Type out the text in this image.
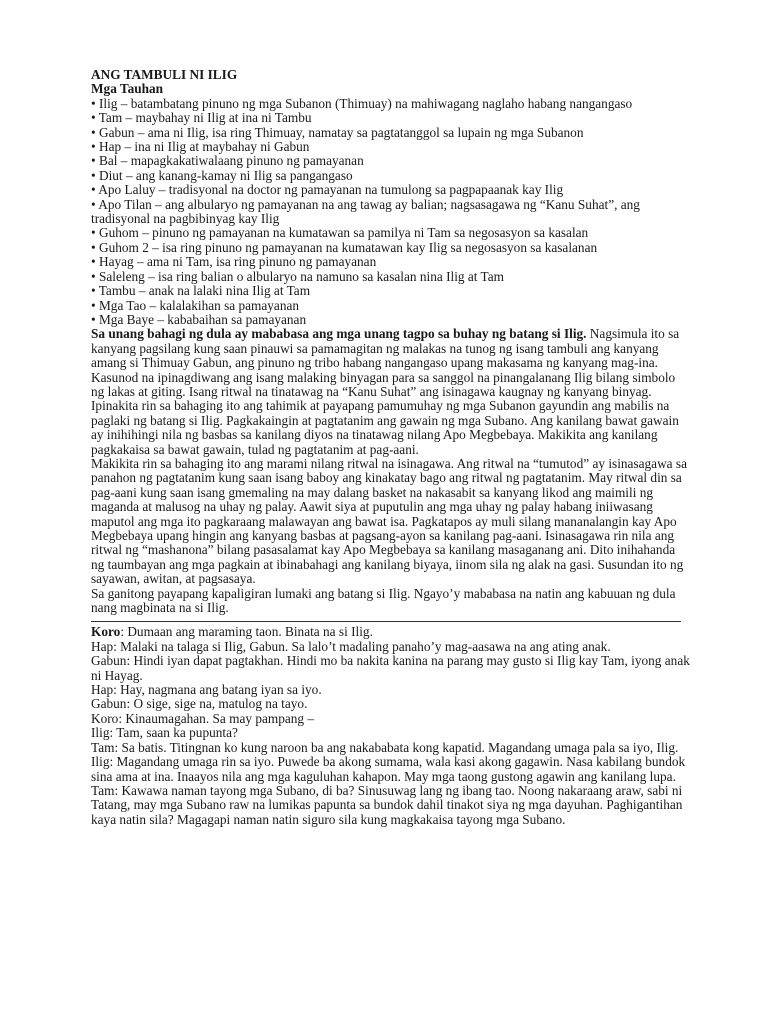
ANG TAMBULI NI ILIG

Mga Tauhan

• Ilig – batambatang pinuno ng mga Subanon (Thimuay) na mahiwagang naglaho habang nangangaso

• Tam – maybahay ni Ilig at ina ni Tambu

• Gabun – ama ni Ilig, isa ring Thimuay, namatay sa pagtatanggol sa lupain ng mga Subanon

• Hap – ina ni Ilig at maybahay ni Gabun

• Bal – mapagkakatiwalaang pinuno ng pamayanan

• Diut – ang kanang-kamay ni Ilig sa pangangaso

• Apo Laluy – tradisyonal na doctor ng pamayanan na tumulong sa pagpapaanak kay Ilig

• Apo Tilan – ang albularyo ng pamayanan na ang tawag ay balian; nagsasagawa ng “Kanu Suhat”, ang tradisyonal na pagbibinyag kay Ilig

• Guhom – pinuno ng pamayanan na kumatawan sa pamilya ni Tam sa negosasyon sa kasalan

• Guhom 2 – isa ring pinuno ng pamayanan na kumatawan kay Ilig sa negosasyon sa kasalanan

• Hayag – ama ni Tam, isa ring pinuno ng pamayanan

• Saleleng – isa ring balian o albularyo na namuno sa kasalan nina Ilig at Tam

• Tambu – anak na lalaki nina Ilig at Tam

• Mga Tao – kalalakihan sa pamayanan

• Mga Baye – kababaihan sa pamayanan

Sa unang bahagi ng dula ay mababasa ang mga unang tagpo sa buhay ng batang si Ilig. Nagsimula ito sa kanyang pagsilang kung saan pinauwi sa pamamagitan ng malakas na tunog ng isang tambuli ang kanyang amang si Thimuay Gabun, ang pinuno ng tribo habang nangangaso upang makasama ng kanyang mag-ina. Kasunod na ipinagdiwang ang isang malaking binyagan para sa sanggol na pinangalanang Ilig bilang simbolo ng lakas at giting. Isang ritwal na tinatawag na “Kanu Suhat” ang isinagawa kaugnay ng kanyang binyag.

Ipinakita rin sa bahaging ito ang tahimik at payapang pamumuhay ng mga Subanon gayundin ang mabilis na paglaki ng batang si Ilig. Pagkakaingin at pagtatanim ang gawain ng mga Subano. Ang kanilang bawat gawain ay inihihingi nila ng basbas sa kanilang diyos na tinatawag nilang Apo Megbebaya. Makikita ang kanilang pagkakaisa sa bawat gawain, tulad ng pagtatanim at pag-aani.

Makikita rin sa bahaging ito ang marami nilang ritwal na isinagawa. Ang ritwal na “tumutod” ay isinasagawa sa panahon ng pagtatanim kung saan isang baboy ang kinakatay bago ang ritwal ng pagtatanim. May ritwal din sa pag-aani kung saan isang gmemaling na may dalang basket na nakasabit sa kanyang likod ang maimili ng maganda at malusog na uhay ng palay. Aawit siya at puputulin ang mga uhay ng palay habang iniiwasang maputol ang mga ito pagkaraang malawayan ang bawat isa. Pagkatapos ay muli silang mananalangin kay Apo Megbebaya upang hingin ang kanyang basbas at pagsang-ayon sa kanilang pag-aani. Isinasagawa rin nila ang ritwal ng “mashanona” bilang pasasalamat kay Apo Megbebaya sa kanilang masaganang ani. Dito inihahanda ng taumbayan ang mga pagkain at ibinabahagi ang kanilang biyaya, iinom sila ng alak na gasi. Susundan ito ng sayawan, awitan, at pagsasaya.

Sa ganitong payapang kapaligiran lumaki ang batang si Ilig. Ngayo’y mababasa na natin ang kabuuan ng dula nang magbinata na si Ilig.

Koro: Dumaan ang maraming taon. Binata na si Ilig.

Hap: Malaki na talaga si Ilig, Gabun. Sa lalo’t madaling panaho’y mag-aasawa na ang ating anak.

Gabun: Hindi iyan dapat pagtakhan. Hindi mo ba nakita kanina na parang may gusto si Ilig kay Tam, iyong anak ni Hayag.

Hap: Hay, nagmana ang batang iyan sa iyo.

Gabun: O sige, sige na, matulog na tayo.

Koro: Kinaumagahan. Sa may pampang –

Ilig: Tam, saan ka pupunta?

Tam: Sa batis. Titingnan ko kung naroon ba ang nakababata kong kapatid. Magandang umaga pala sa iyo, Ilig.

Ilig: Magandang umaga rin sa iyo. Puwede ba akong sumama, wala kasi akong gagawin. Nasa kabilang bundok sina ama at ina. Inaayos nila ang mga kaguluhan kahapon. May mga taong gustong agawin ang kanilang lupa.

Tam: Kawawa naman tayong mga Subano, di ba? Sinusuwag lang ng ibang tao. Noong nakaraang araw, sabi ni Tatang, may mga Subano raw na lumikas papunta sa bundok dahil tinakot siya ng mga dayuhan. Paghigantihan kaya natin sila? Magagapi naman natin siguro sila kung magkakaisa tayong mga Subano.
